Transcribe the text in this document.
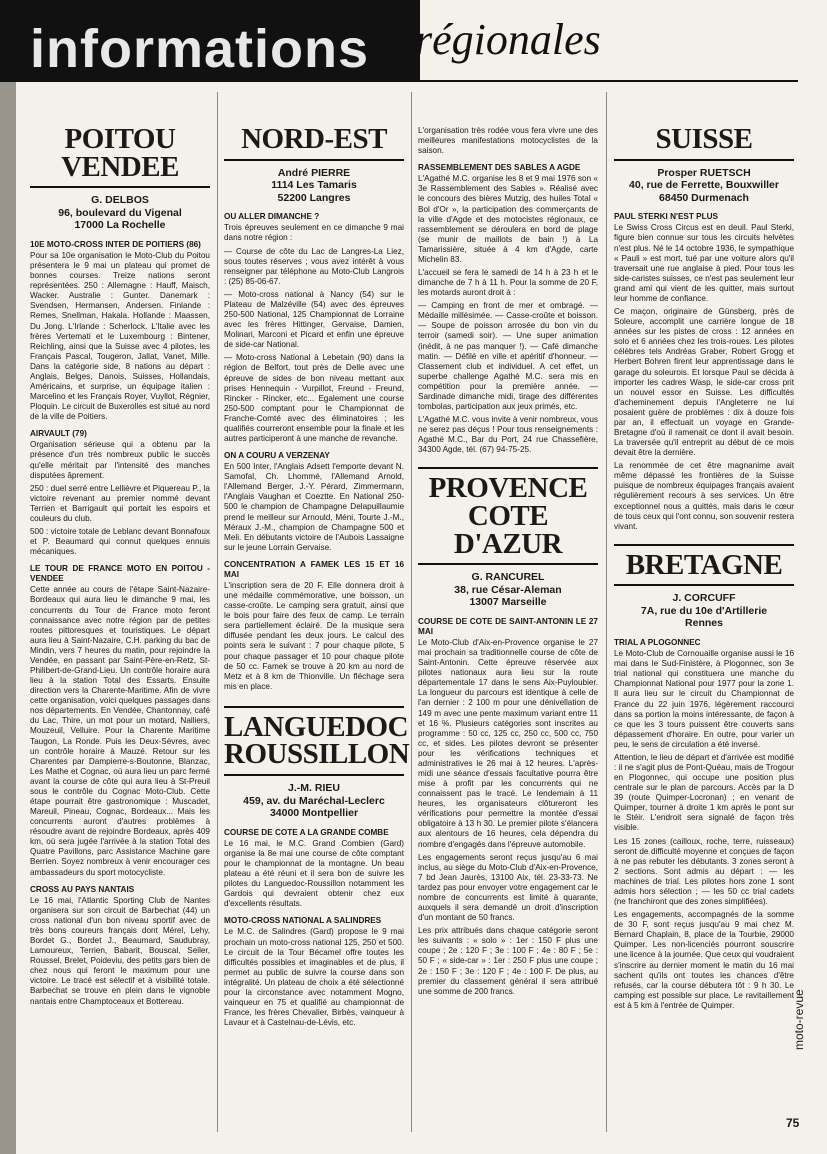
informations	régionales
POITOU
VENDEE
G. DELBOS
96, boulevard du Vigenal
17000 La Rochelle
10E MOTO-CROSS INTER DE POITIERS (86)

Pour sa 10e organisation le Moto-Club du Poitou présentera le 9 mai un plateau qui promet de bonnes courses. Treize nations seront représentées. 250 : Allemagne : Hauff, Maisch, Wacker. Australie : Gunter. Danemark : Svendsen, Hermansen, Andersen. Finlande : Remes, Snellman, Hakala. Hollande : Maassen, Du Jong. L'Irlande : Scherlock. L'Italie avec les frères Vertemati et le Luxembourg : Bintener, Reichling, ainsi que la Suisse avec 4 pilotes, les Français Pascal, Tougeron, Jallat, Vanet, Mille. Dans la catégorie side, 8 nations au départ : Anglais, Belges, Danois, Suisses, Hollandais, Américains, et surprise, un équipage italien : Marcelino et les Français Royer, Vuyllot, Régnier, Ploquin. Le circuit de Buxerolles est situé au nord de la ville de Poitiers.

AIRVAULT (79)

Organisation sérieuse qui a obtenu par la présence d'un très nombreux public le succès qu'elle méritait par l'intensité des manches disputées âprement.

250 : duel serré entre Lellièvre et Piquereau P., la victoire revenant au premier nommé devant Terrien et Barrigault qui portait les espoirs et couleurs du club.

500 : victoire totale de Leblanc devant Bonnafoux et P. Beaumard qui connut quelques ennuis mécaniques.

LE TOUR DE FRANCE MOTO EN POITOU - VENDEE

Cette année au cours de l'étape Saint-Nazaire-Bordeaux qui aura lieu le dimanche 9 mai, les concurrents du Tour de France moto feront connaissance avec notre région par de petites routes pittoresques et touristiques. Le départ aura lieu à Saint-Nazaire, C.H. parking du bac de Mindin, vers 7 heures du matin, pour rejoindre la Vendée, en passant par Saint-Père-en-Retz, St-Philibert-de-Grand-Lieu. Un contrôle horaire aura lieu à la station Total des Essarts. Ensuite direction vers la Charente-Maritime. Afin de vivre cette organisation, voici quelques passages dans nos départements. En Vendée, Chantonnay, café du Lac, Thire, un mot pour un motard, Nalliers, Mouzeuil, Velluire. Pour la Charente Maritime Taugon, La Ronde. Puis les Deux-Sèvres, avec un contrôle horaire à Mauzé. Retour sur les Charentes par Dampierre-s-Boutonne, Blanzac, Les Mathe et Cognac, où aura lieu un parc fermé avant la course de côte qui aura lieu à St-Preuil sous le contrôle du Cognac Moto-Club. Cette étape pourrait être gastronomique : Muscadet, Mareuil, Pineau, Cognac, Bordeaux... Mais les concurrents auront d'autres problèmes à résoudre avant de rejoindre Bordeaux, après 409 km, où sera jugée l'arrivée à la station Total des Quatre Pavillons, parc Assistance Machine gare Berrien. Soyez nombreux à venir encourager ces ambassadeurs du sport motocycliste.

CROSS AU PAYS NANTAIS

Le 16 mai, l'Atlantic Sporting Club de Nantes organisera sur son circuit de Barbechat (44) un cross national d'un bon niveau sportif avec de très bons coureurs français dont Mérel, Lehy, Bordet G., Bordet J., Beaumard, Saudubray, Lamoureux, Terrien, Babarit, Bouscal, Seiler, Roussel, Brelet, Poideviu, des petits gars bien de chez nous qui feront le maximum pour une victoire. Le tracé est sélectif et à visibilité totale. Barbechat se trouve en plein dans le vignoble nantais entre Champtoceaux et Bottereau.

NORD-EST
André PIERRE
1114 Les Tamaris
52200 Langres
OU ALLER DIMANCHE ?

Trois épreuves seulement en ce dimanche 9 mai dans notre région :

— Course de côte du Lac de Langres-La Liez, sous toutes réserves ; vous avez intérêt à vous renseigner par téléphone au Moto-Club Langrois : (25) 85-06-67.

— Moto-cross national à Nancy (54) sur le Plateau de Malzéville (54) avec des épreuves 250-500 National, 125 Championnat de Lorraine avec les frères Hittinger, Gervaise, Damien, Molinari, Marconi et Picard et enfin une épreuve de side-car National.

— Moto-cross National à Lebetain (90) dans la région de Belfort, tout près de Delle avec une épreuve de sides de bon niveau mettant aux prises Hennequin - Vurpillot, Freund - Freund, Rincker - Rincker, etc... Egalement une course 250-500 comptant pour le Championnat de Franche-Comté avec des éliminatoires ; les qualifiés courreront ensemble pour la finale et les autres participeront à une manche de revanche.

ON A COURU A VERZENAY

En 500 Inter, l'Anglais Adsett l'emporte devant N. Samofal, Ch. Lhommé, l'Allemand Arnold, l'Allemand Berger, J.-Y. Pérard, Zimmermann, l'Anglais Vaughan et Coeztte. En National 250-500 le champion de Champagne Delapuillaumie prend le meilleur sur Arnould, Méni, Tourte J.-M., Méraux J.-M., champion de Champagne 500 et Meli. En débutants victoire de l'Aubois Lassaigne sur le jeune Lorrain Gervaise.

CONCENTRATION A FAMEK LES 15 ET 16 MAI

L'inscription sera de 20 F. Elle donnera droit à une médaille commémorative, une boisson, un casse-croûte. Le camping sera gratuit, ainsi que le bois pour faire des feux de camp. Le terrain sera partiellement éclairé. De la musique sera diffusée pendant les deux jours. Le calcul des points sera le suivant : 7 pour chaque pilote, 5 pour chaque passager et 10 pour chaque pilote de 50 cc. Famek se trouve à 20 km au nord de Metz et à 8 km de Thionville. Un fléchage sera mis en place.

LANGUEDOC
ROUSSILLON
J.-M. RIEU
459, av. du Maréchal-Leclerc
34000 Montpellier
COURSE DE COTE A LA GRANDE COMBE

Le 16 mai, le M.C. Grand Combien (Gard) organise la 8e mai une course de côte comptant pour le championnat de la montagne. Un beau plateau a été réuni et il sera bon de suivre les pilotes du Languedoc-Roussillon notamment les Gardois qui devraient obtenir chez eux d'excellents résultats.

MOTO-CROSS NATIONAL A SALINDRES

Le M.C. de Salindres (Gard) propose le 9 mai prochain un moto-cross national 125, 250 et 500. Le circuit de la Tour Bécamel offre toutes les difficultés possibles et imaginables et de plus, il permet au public de suivre la course dans son intégralité. Un plateau de choix a été sélectionné pour la circonstance avec notamment Mogno, vainqueur en 75 et qualifié au championnat de France, les frères Chevalier, Birbès, vainqueur à Lavaur et à Castelnau-de-Lévis, etc.

L'organisation très rodée vous fera vivre une des meilleures manifestations motocyclistes de la saison.

RASSEMBLEMENT DES SABLES A AGDE

L'Agathé M.C. organise les 8 et 9 mai 1976 son « 3e Rassemblement des Sables ». Réalisé avec le concours des bières Mutzig, des huiles Total « Bol d'Or », la participation des commerçants de la ville d'Agde et des motocistes régionaux, ce rassemblement se déroulera en bord de plage (se munir de maillots de bain !) à La Tamarissière, située à 4 km d'Agde, carte Michelin 83.

L'accueil se fera le samedi de 14 h à 23 h et le dimanche de 7 h à 11 h. Pour la somme de 20 F, les motards auront droit à :

— Camping en front de mer et ombragé. — Médaille millésimée. — Casse-croûte et boisson. — Soupe de poisson arrosée du bon vin du terroir (samedi soir). — Une super animation (inédit, à ne pas manquer !). — Café dimanche matin. — Défilé en ville et apéritif d'honneur. — Classement club et individuel. A cet effet, un superbe challenge Agathé M.C. sera mis en compétition pour la première année. — Sardinade dimanche midi, tirage des différentes tombolas, participation aux jeux primés, etc.

L'Agathé M.C. vous invite à venir nombreux, vous ne serez pas déçus ! Pour tous renseignements : Agathé M.C., Bar du Port, 24 rue Chassefière, 34300 Agde, tél. (67) 94-75-25.

PROVENCE
COTE D'AZUR
G. RANCUREL
38, rue César-Aleman
13007 Marseille
COURSE DE COTE DE SAINT-ANTONIN LE 27 MAI

Le Moto-Club d'Aix-en-Provence organise le 27 mai prochain sa traditionnelle course de côte de Saint-Antonin. Cette épreuve réservée aux pilotes nationaux aura lieu sur la route départementale 17 dans le sens Aix-Puyloubier. La longueur du parcours est identique à celle de l'an dernier : 2 100 m pour une dénivellation de 149 m avec une pente maximum variant entre 11 et 16 %. Plusieurs catégories sont inscrites au programme : 50 cc, 125 cc, 250 cc, 500 cc, 750 cc, et sides. Les pilotes devront se présenter pour les vérifications techniques et administratives le 26 mai à 12 heures. L'après-midi une séance d'essais facultative pourra être mise à profit par les concurrents qui ne connaissent pas le tracé. Le lendemain à 11 heures, les organisateurs clôtureront les vérifications pour permettre la montée d'essai obligatoire à 13 h 30. Le premier pilote s'élancera aux alentours de 16 heures, cela dépendra du nombre d'engagés dans l'épreuve automobile.

Les engagements seront reçus jusqu'au 6 mai inclus, au siège du Moto-Club d'Aix-en-Provence, 7 bd Jean Jaurès, 13100 Aix, tél. 23-33-73. Ne tardez pas pour envoyer votre engagement car le nombre de concurrents est limité à quarante, auxquels il sera demandé un droit d'inscription d'un montant de 50 francs.

Les prix attribués dans chaque catégorie seront les suivants : « solo » : 1er : 150 F plus une coupe ; 2e : 120 F ; 3e : 100 F ; 4e : 80 F ; 5e : 50 F ; « side-car » : 1er : 250 F plus une coupe ; 2e : 150 F ; 3e : 120 F ; 4e : 100 F. De plus, au premier du classement général il sera attribué une somme de 200 francs.

SUISSE
Prosper RUETSCH
40, rue de Ferrette, Bouxwiller
68450 Durmenach
PAUL STERKI N'EST PLUS

Le Swiss Cross Circus est en deuil. Paul Sterki, figure bien connue sur tous les circuits helvètes n'est plus. Né le 14 octobre 1936, le sympathique « Pauli » est mort, tué par une voiture alors qu'il traversait une rue anglaise à pied. Pour tous les side-caristes suisses, ce n'est pas seulement leur grand ami qui vient de les quitter, mais surtout leur homme de confiance.

Ce maçon, originaire de Günsberg, près de Soleure, accomplit une carrière longue de 18 années sur les pistes de cross : 12 années en solo et 6 années chez les trois-roues. Les pilotes célèbres tels Andréas Graber, Robert Grogg et Herbert Bohren firent leur apprentissage dans le garage du soleurois. Et lorsque Paul se décida à importer les cadres Wasp, le side-car cross prit un nouvel essor en Suisse. Les difficultés d'acheminement depuis l'Angleterre ne lui posaient guère de problèmes : dix à douze fois par an, il effectuait un voyage en Grande-Bretagne d'où il ramenait ce dont il avait besoin. La traversée qu'il entreprit au début de ce mois devait être la dernière.

La renommée de cet être magnanime avait même dépassé les frontières de la Suisse puisque de nombreux équipages français avaient régulièrement recours à ses services. Un être exceptionnel nous a quittés, mais dans le cœur de tous ceux qui l'ont connu, son souvenir restera vivant.

BRETAGNE
J. CORCUFF
7A, rue du 10e d'Artillerie
Rennes
TRIAL A PLOGONNEC

Le Moto-Club de Cornouaille organise aussi le 16 mai dans le Sud-Finistère, à Plogonnec, son 3e trial national qui constituera une manche du Championnat National pour 1977 pour la zone 1. Il aura lieu sur le circuit du Championnat de France du 22 juin 1976, légèrement raccourci dans sa portion la moins intéressante, de façon à ce que les 3 tours puissent être couverts sans dépassement d'horaire. En outre, pour varier un peu, le sens de circulation a été inversé.

Attention, le lieu de départ et d'arrivée est modifié : il ne s'agit plus de Pont-Quéau, mais de Trogour en Plogonnec, qui occupe une position plus centrale sur le plan de parcours. Accès par la D 39 (route Quimper-Locronan) ; en venant de Quimper, tourner à droite 1 km après le pont sur le Stéir. L'endroit sera signalé de façon très visible.

Les 15 zones (cailloux, roche, terre, ruisseaux) seront de difficulté moyenne et conçues de façon à ne pas rebuter les débutants. 3 zones seront à 2 sections. Sont admis au départ : — les machines de trial. Les pilotes hors zone 1 sont admis hors sélection ; — les 50 cc trial cadets (ne franchiront que des zones simplifiées).

Les engagements, accompagnés de la somme de 30 F, sont reçus jusqu'au 9 mai chez M. Bernard Chaplain, 8, place de la Tourbie, 29000 Quimper. Les non-licenciés pourront souscrire une licence à la journée. Que ceux qui voudraient s'inscrire au dernier moment le matin du 16 mai sachent qu'ils ont toutes les chances d'être refusés, car la course débutera tôt : 9 h 30. Le camping est possible sur place. Le ravitaillement est à 5 km à l'entrée de Quimper.	moto-revue
75
